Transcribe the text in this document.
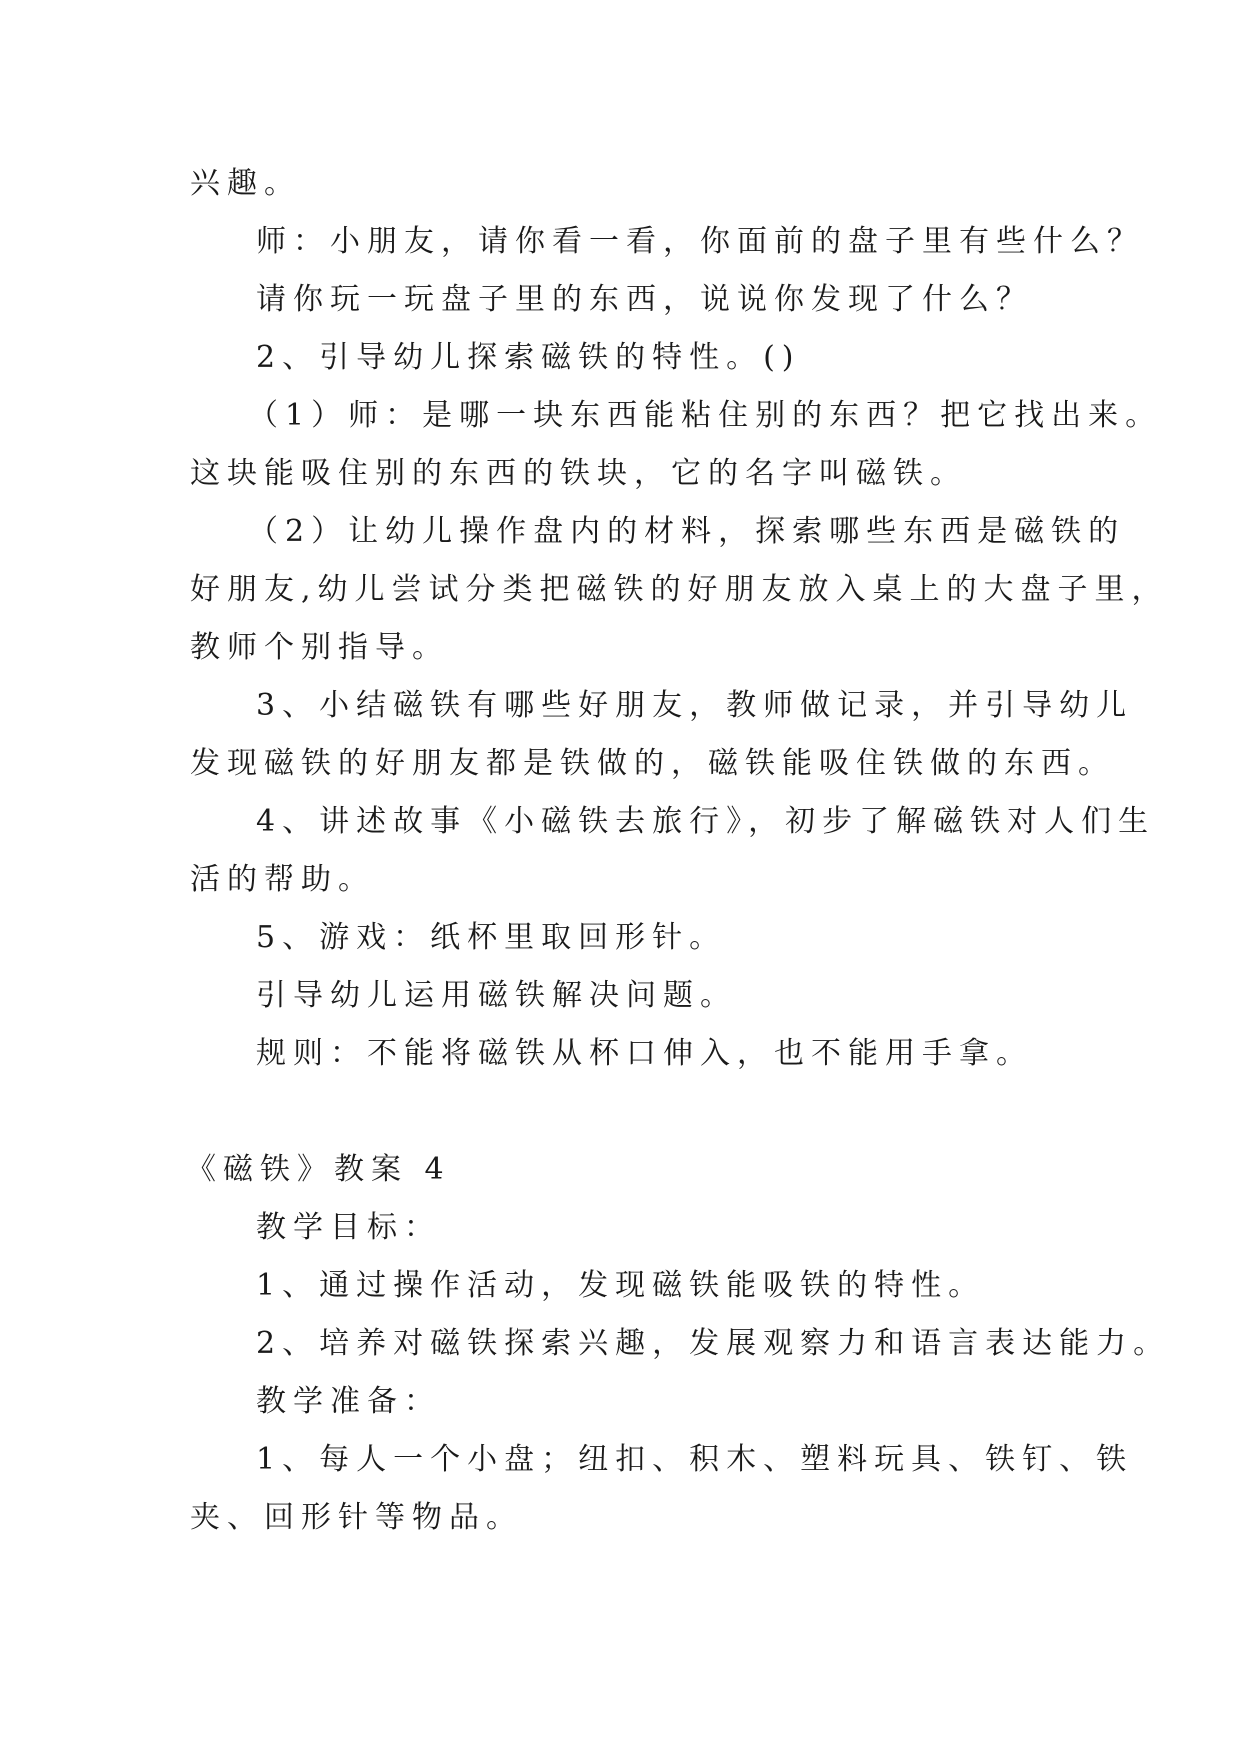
兴趣。
师：小朋友，请你看一看，你面前的盘子里有些什么？
请你玩一玩盘子里的东西，说说你发现了什么？
2、引导幼儿探索磁铁的特性。()
（1）师：是哪一块东西能粘住别的东西？把它找出来。
这块能吸住别的东西的铁块，它的名字叫磁铁。
（2）让幼儿操作盘内的材料，探索哪些东西是磁铁的
好朋友,幼儿尝试分类把磁铁的好朋友放入桌上的大盘子里，
教师个别指导。
3、小结磁铁有哪些好朋友，教师做记录，并引导幼儿
发现磁铁的好朋友都是铁做的，磁铁能吸住铁做的东西。
4、讲述故事《小磁铁去旅行》，初步了解磁铁对人们生
活的帮助。
5、游戏：纸杯里取回形针。
引导幼儿运用磁铁解决问题。
规则：不能将磁铁从杯口伸入，也不能用手拿。
《磁铁》教案 4
教学目标：
1、通过操作活动，发现磁铁能吸铁的特性。
2、培养对磁铁探索兴趣，发展观察力和语言表达能力。
教学准备：
1、每人一个小盘；纽扣、积木、塑料玩具、铁钉、铁
夹、回形针等物品。
